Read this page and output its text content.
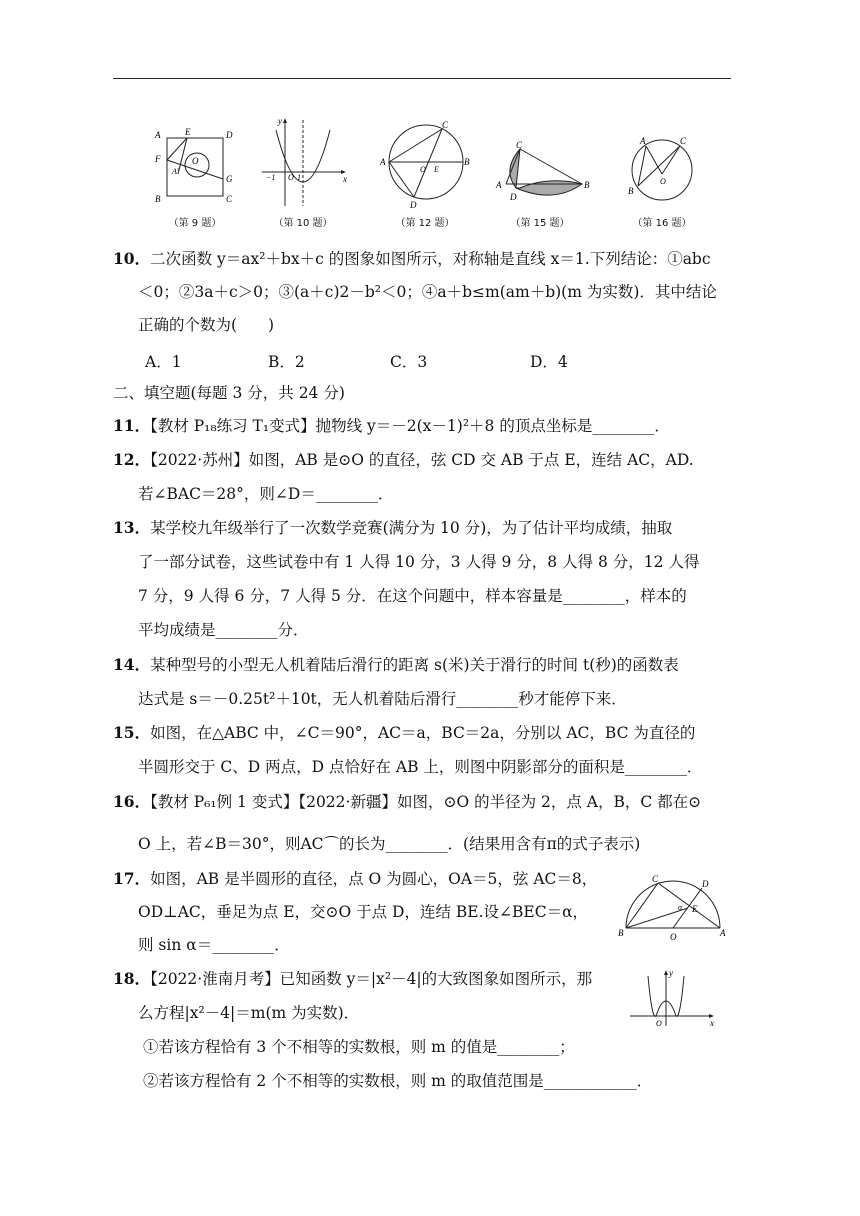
A	E	D
F	O
A'
G
B	C
（第 9 题）
y
x
−1 O 1
（第 10 题）
A
C
B
O E
D
（第 12 题）
C
A	B
D
（第 15 题）
A	C
B
O
（第 16 题）
10．二次函数 y＝ax²＋bx＋c 的图象如图所示，对称轴是直线 x＝1.下列结论：①abc
＜0；②3a＋c＞0；③(a＋c)2－b²＜0；④a＋b≤m(am＋b)(m 为实数)．其中结论
正确的个数为(　　)
A．1	B．2	C．3	D．4
二、填空题(每题 3 分，共 24 分)
11．【教材 P₁₈练习 T₁变式】抛物线 y＝－2(x－1)²＋8 的顶点坐标是________．
12．【2022·苏州】如图，AB 是⊙O 的直径，弦 CD 交 AB 于点 E，连结 AC，AD.
若∠BAC＝28°，则∠D＝________．
13．某学校九年级举行了一次数学竞赛(满分为 10 分)，为了估计平均成绩，抽取
了一部分试卷，这些试卷中有 1 人得 10 分，3 人得 9 分，8 人得 8 分，12 人得
7 分，9 人得 6 分，7 人得 5 分．在这个问题中，样本容量是________，样本的
平均成绩是________分．
14．某种型号的小型无人机着陆后滑行的距离 s(米)关于滑行的时间 t(秒)的函数表
达式是 s＝－0.25t²＋10t，无人机着陆后滑行________秒才能停下来．
15．如图，在△ABC 中，∠C＝90°，AC＝a，BC＝2a，分别以 AC，BC 为直径的
半圆形交于 C、D 两点，D 点恰好在 AB 上，则图中阴影部分的面积是________．
16．【教材 P₆₁例 1 变式】【2022·新疆】如图，⊙O 的半径为 2，点 A，B，C 都在⊙
O 上，若∠B＝30°，则AC⌒的长为________．(结果用含有π的式子表示)
17．如图，AB 是半圆形的直径，点 O 为圆心，OA＝5，弦 AC＝8，
OD⊥AC，垂足为点 E，交⊙O 于点 D，连结 BE.设∠BEC＝α，
则 sin α＝________．
C	D
α E
B	O	A
18．【2022·淮南月考】已知函数 y＝|x²－4|的大致图象如图所示，那
么方程|x²－4|＝m(m 为实数)．
①若该方程恰有 3 个不相等的实数根，则 m 的值是________；
②若该方程恰有 2 个不相等的实数根，则 m 的取值范围是____________．
y
x
O
